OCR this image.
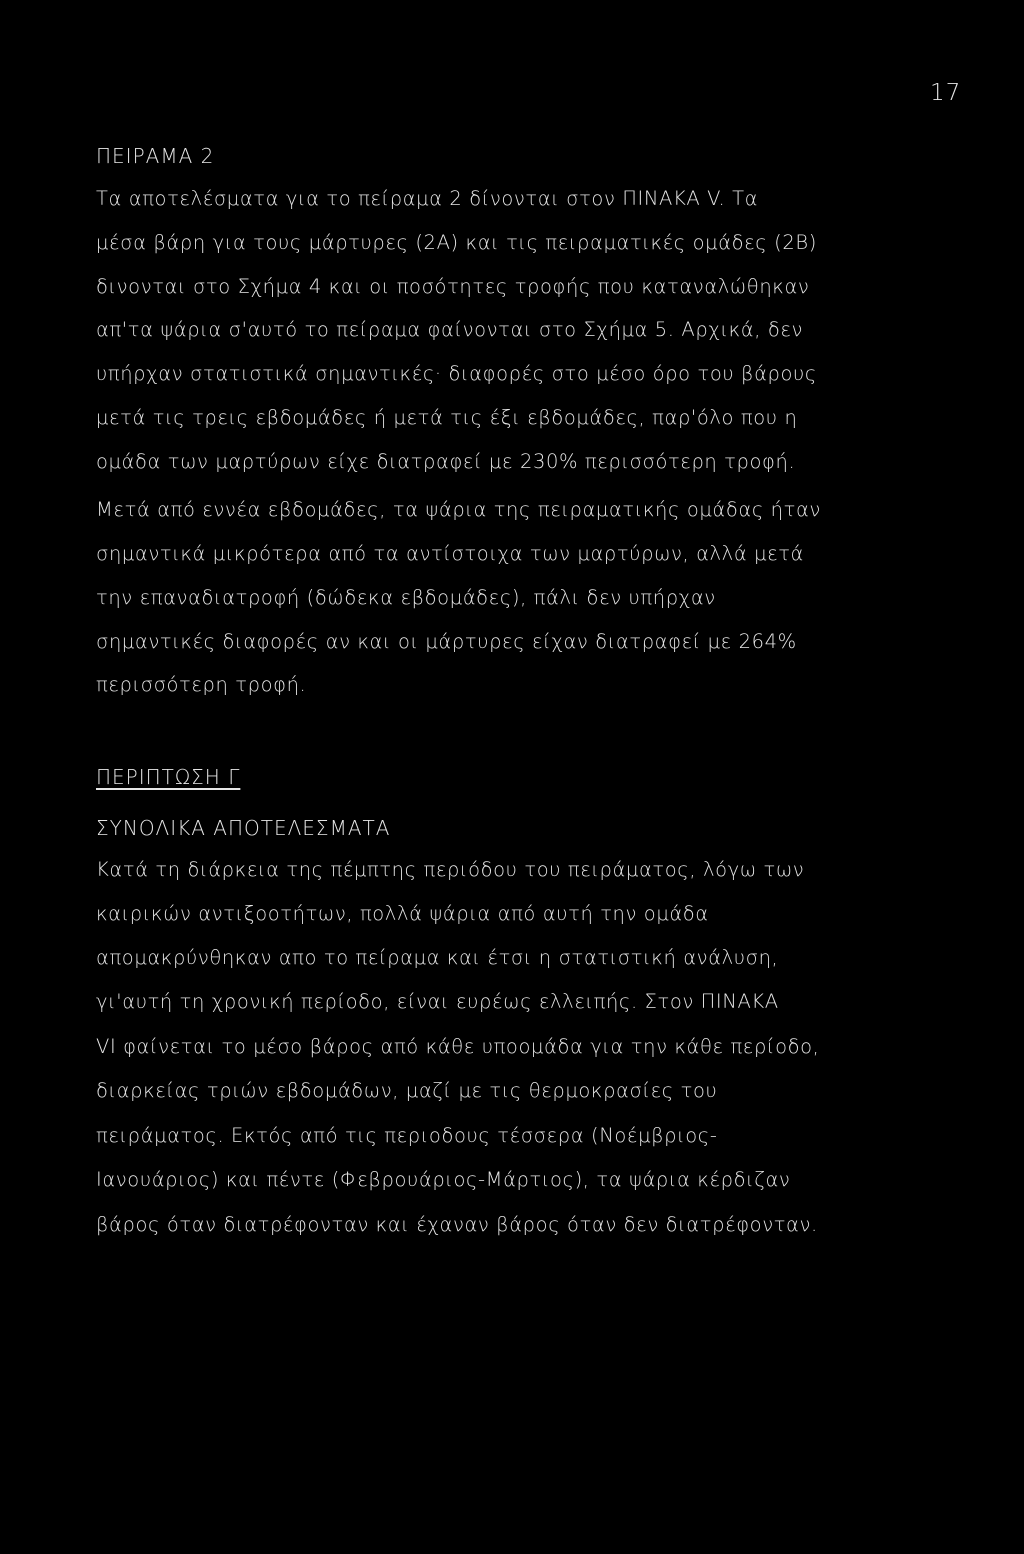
17
ΠΕΙΡΑΜΑ 2
Τα αποτελέσματα για το πείραμα 2 δίνονται στον ΠΙΝΑΚΑ V. Τα
μέσα βάρη για τους μάρτυρες (2Α) και τις πειραματικές ομάδες (2Β)
δινονται στο Σχήμα 4 και οι ποσότητες τροφής που καταναλώθηκαν
απ'τα ψάρια σ'αυτό το πείραμα φαίνονται στο Σχήμα 5. Αρχικά, δεν
υπήρχαν στατιστικά σημαντικές· διαφορές στο μέσο όρο του βάρους
μετά τις τρεις εβδομάδες ή μετά τις έξι εβδομάδες, παρ'όλο που η
ομάδα των μαρτύρων είχε διατραφεί με 230% περισσότερη τροφή.
Μετά από εννέα εβδομάδες, τα ψάρια της πειραματικής ομάδας ήταν
σημαντικά μικρότερα από τα αντίστοιχα των μαρτύρων, αλλά μετά
την επαναδιατροφή (δώδεκα εβδομάδες), πάλι δεν υπήρχαν
σημαντικές διαφορές αν και οι μάρτυρες είχαν διατραφεί με 264%
περισσότερη τροφή.
ΠΕΡΙΠΤΩΣΗ Γ
ΣΥΝΟΛΙΚΑ ΑΠΟΤΕΛΕΣΜΑΤΑ
Κατά τη διάρκεια της πέμπτης περιόδου του πειράματος, λόγω των
καιρικών αντιξοοτήτων, πολλά ψάρια από αυτή την ομάδα
απομακρύνθηκαν απο το πείραμα και έτσι η στατιστική ανάλυση,
γι'αυτή τη χρονική περίοδο, είναι ευρέως ελλειπής. Στον ΠΙΝΑΚΑ
VI φαίνεται το μέσο βάρος από κάθε υποομάδα για την κάθε περίοδο,
διαρκείας τριών εβδομάδων, μαζί με τις θερμοκρασίες του
πειράματος. Εκτός από τις περιοδους τέσσερα (Νοέμβριος-
Ιανουάριος) και πέντε (Φεβρουάριος-Μάρτιος), τα ψάρια κέρδιζαν
βάρος όταν διατρέφονταν και έχαναν βάρος όταν δεν διατρέφονταν.
